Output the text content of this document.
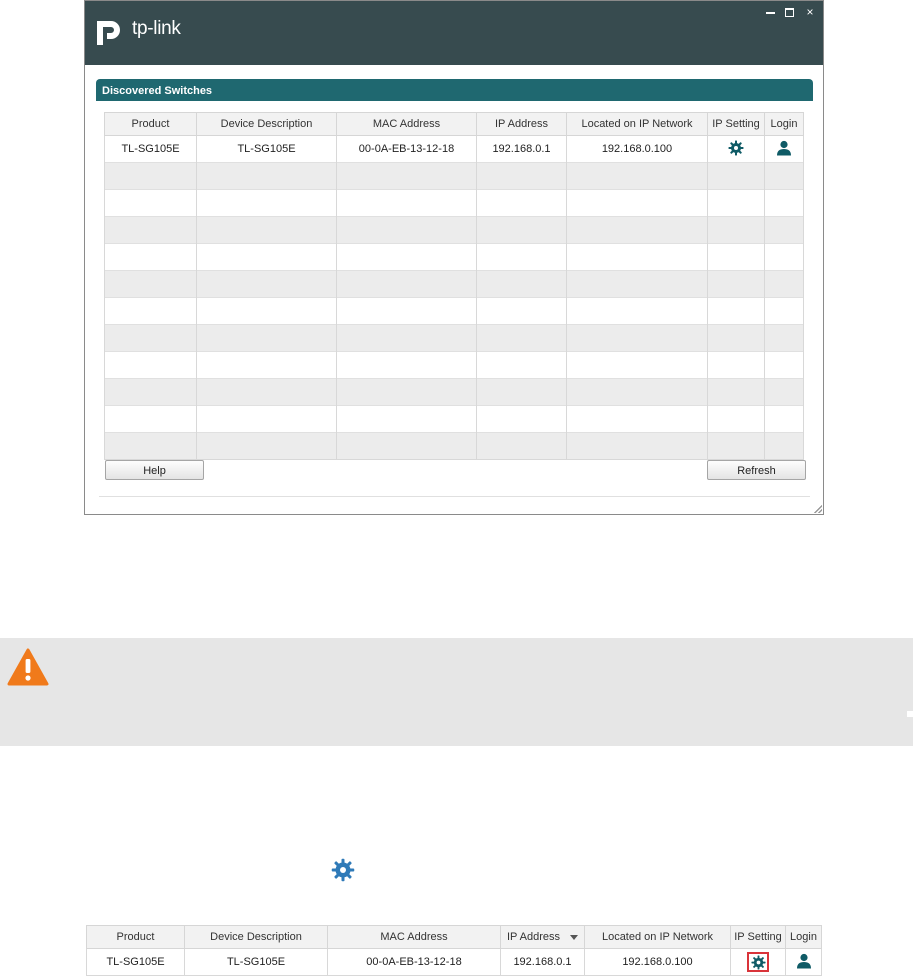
tp-link
×
Discovered Switches
Product	Device Description	MAC Address	IP Address	Located on IP Network	IP Setting	Login
TL-SG105E	TL-SG105E	00-0A-EB-13-12-18	192.168.0.1	192.168.0.100		

Help	Refresh
Product	Device Description	MAC Address	IP Address	Located on IP Network	IP Setting	Login
TL-SG105E	TL-SG105E	00-0A-EB-13-12-18	192.168.0.1	192.168.0.100	
